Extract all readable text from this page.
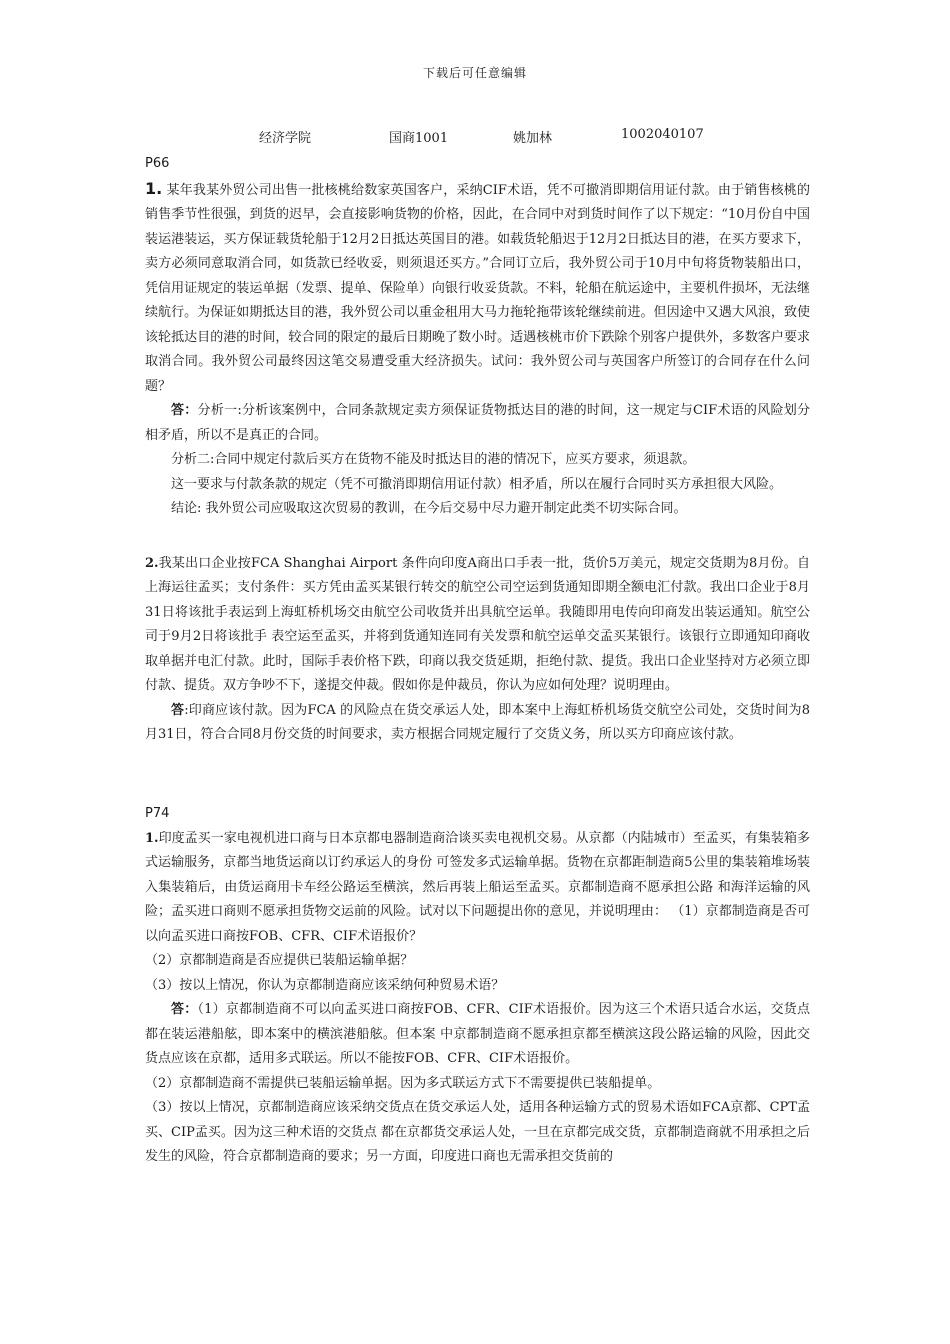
下载后可任意编辑
经济学院	国商1001	姚加林	1002040107

P66

1. 某年我某外贸公司出售一批核桃给数家英国客户，采纳CIF术语，凭不可撤消即期信用证付款。由于销售核桃的销售季节性很强，到货的迟早，会直接影响货物的价格，因此，在合同中对到货时间作了以下规定：“10月份自中国装运港装运，买方保证载货轮船于12月2日抵达英国目的港。如载货轮船迟于12月2日抵达目的港，在买方要求下，卖方必须同意取消合同，如货款已经收妥，则须退还买方。”合同订立后，我外贸公司于10月中旬将货物装船出口，凭信用证规定的装运单据（发票、提单、保险单）向银行收妥货款。不料，轮船在航运途中，主要机件损坏，无法继续航行。为保证如期抵达目的港，我外贸公司以重金租用大马力拖轮拖带该轮继续前进。但因途中又遇大风浪，致使该轮抵达目的港的时间，较合同的限定的最后日期晚了数小时。适遇核桃市价下跌除个别客户提供外，多数客户要求取消合同。我外贸公司最终因这笔交易遭受重大经济损失。试问：我外贸公司与英国客户所签订的合同存在什么问题？

答：分析一:分析该案例中，合同条款规定卖方须保证货物抵达目的港的时间，这一规定与CIF术语的风险划分相矛盾，所以不是真正的合同。

分析二:合同中规定付款后买方在货物不能及时抵达目的港的情况下，应买方要求，须退款。

这一要求与付款条款的规定（凭不可撤消即期信用证付款）相矛盾，所以在履行合同时买方承担很大风险。

结论: 我外贸公司应吸取这次贸易的教训，在今后交易中尽力避开制定此类不切实际合同。

2.我某出口企业按FCA Shanghai Airport 条件向印度A商出口手表一批，货价5万美元，规定交货期为8月份。自上海运往孟买；支付条件：买方凭由孟买某银行转交的航空公司空运到货通知即期全额电汇付款。我出口企业于8月31日将该批手表运到上海虹桥机场交由航空公司收货并出具航空运单。我随即用电传向印商发出装运通知。航空公司于9月2日将该批手 表空运至孟买，并将到货通知连同有关发票和航空运单交孟买某银行。该银行立即通知印商收取单据并电汇付款。此时，国际手表价格下跌，印商以我交货延期，拒绝付款、提货。我出口企业坚持对方必须立即付款、提货。双方争吵不下，遂提交仲裁。假如你是仲裁员，你认为应如何处理？说明理由。

答:印商应该付款。因为FCA 的风险点在货交承运人处，即本案中上海虹桥机场货交航空公司处，交货时间为8月31日，符合合同8月份交货的时间要求，卖方根据合同规定履行了交货义务，所以买方印商应该付款。

P74

1.印度孟买一家电视机进口商与日本京都电器制造商洽谈买卖电视机交易。从京都（内陆城市）至孟买，有集装箱多式运输服务，京都当地货运商以订约承运人的身份 可签发多式运输单据。货物在京都距制造商5公里的集装箱堆场装入集装箱后，由货运商用卡车经公路运至横滨，然后再装上船运至孟买。京都制造商不愿承担公路 和海洋运输的风险；孟买进口商则不愿承担货物交运前的风险。试对以下问题提出你的意见，并说明理由： （1）京都制造商是否可以向孟买进口商按FOB、CFR、CIF术语报价？

（2）京都制造商是否应提供已装船运输单据？

（3）按以上情况，你认为京都制造商应该采纳何种贸易术语？

答：（1）京都制造商不可以向孟买进口商按FOB、CFR、CIF术语报价。因为这三个术语只适合水运，交货点都在装运港船舷，即本案中的横滨港船舷。但本案 中京都制造商不愿承担京都至横滨这段公路运输的风险，因此交货点应该在京都，适用多式联运。所以不能按FOB、CFR、CIF术语报价。

（2）京都制造商不需提供已装船运输单据。因为多式联运方式下不需要提供已装船提单。

（3）按以上情况，京都制造商应该采纳交货点在货交承运人处，适用各种运输方式的贸易术语如FCA京都、CPT孟买、CIP孟买。因为这三种术语的交货点 都在京都货交承运人处，一旦在京都完成交货，京都制造商就不用承担之后发生的风险，符合京都制造商的要求；另一方面，印度进口商也无需承担交货前的
